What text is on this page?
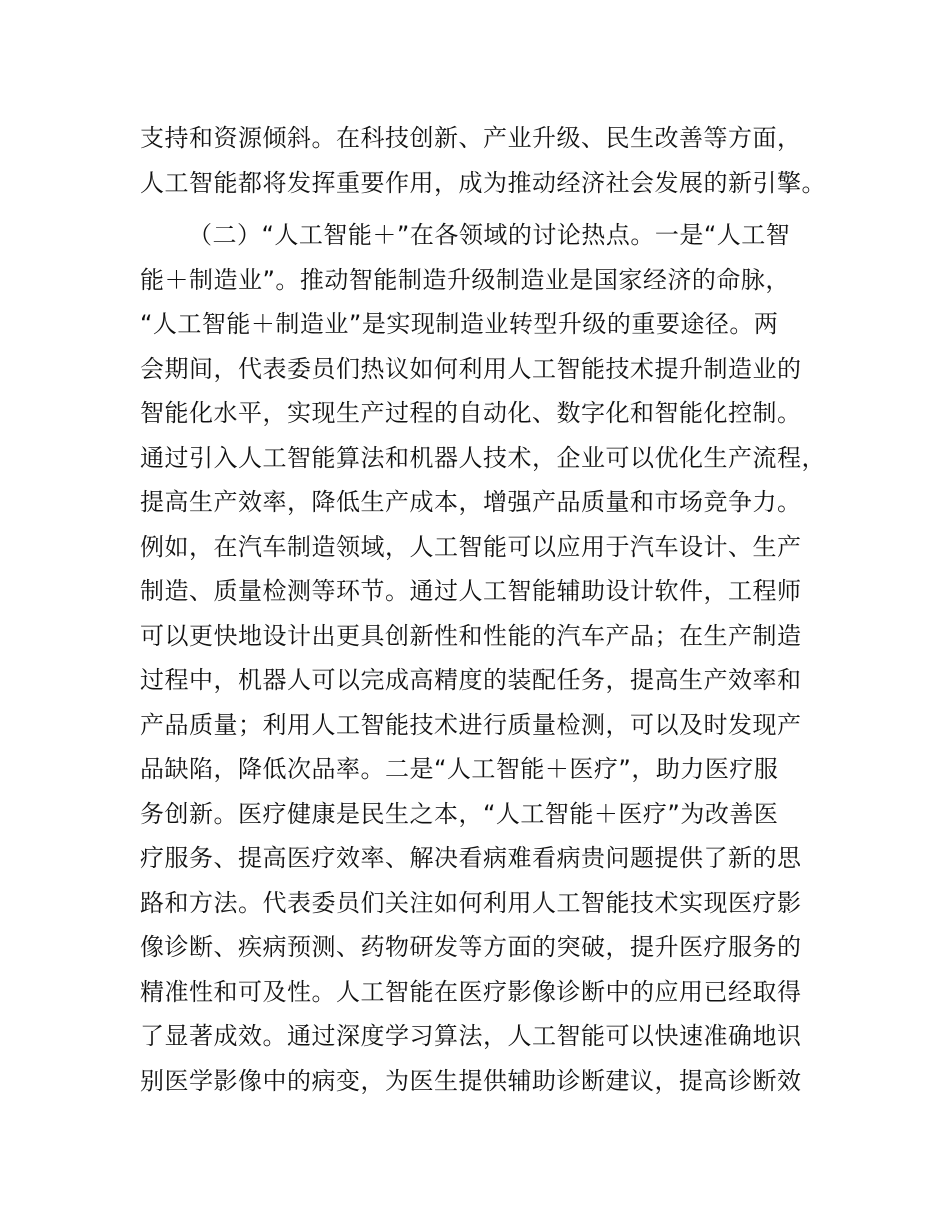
支持和资源倾斜。在科技创新、产业升级、民生改善等方面，
人工智能都将发挥重要作用，成为推动经济社会发展的新引擎。
（二）“人工智能＋”在各领域的讨论热点。一是“人工智
能＋制造业”。推动智能制造升级制造业是国家经济的命脉，
“人工智能＋制造业”是实现制造业转型升级的重要途径。两
会期间，代表委员们热议如何利用人工智能技术提升制造业的
智能化水平，实现生产过程的自动化、数字化和智能化控制。
通过引入人工智能算法和机器人技术，企业可以优化生产流程，
提高生产效率，降低生产成本，增强产品质量和市场竞争力。
例如，在汽车制造领域，人工智能可以应用于汽车设计、生产
制造、质量检测等环节。通过人工智能辅助设计软件，工程师
可以更快地设计出更具创新性和性能的汽车产品；在生产制造
过程中，机器人可以完成高精度的装配任务，提高生产效率和
产品质量；利用人工智能技术进行质量检测，可以及时发现产
品缺陷，降低次品率。二是“人工智能＋医疗”，助力医疗服
务创新。医疗健康是民生之本，“人工智能＋医疗”为改善医
疗服务、提高医疗效率、解决看病难看病贵问题提供了新的思
路和方法。代表委员们关注如何利用人工智能技术实现医疗影
像诊断、疾病预测、药物研发等方面的突破，提升医疗服务的
精准性和可及性。人工智能在医疗影像诊断中的应用已经取得
了显著成效。通过深度学习算法，人工智能可以快速准确地识
别医学影像中的病变，为医生提供辅助诊断建议，提高诊断效
